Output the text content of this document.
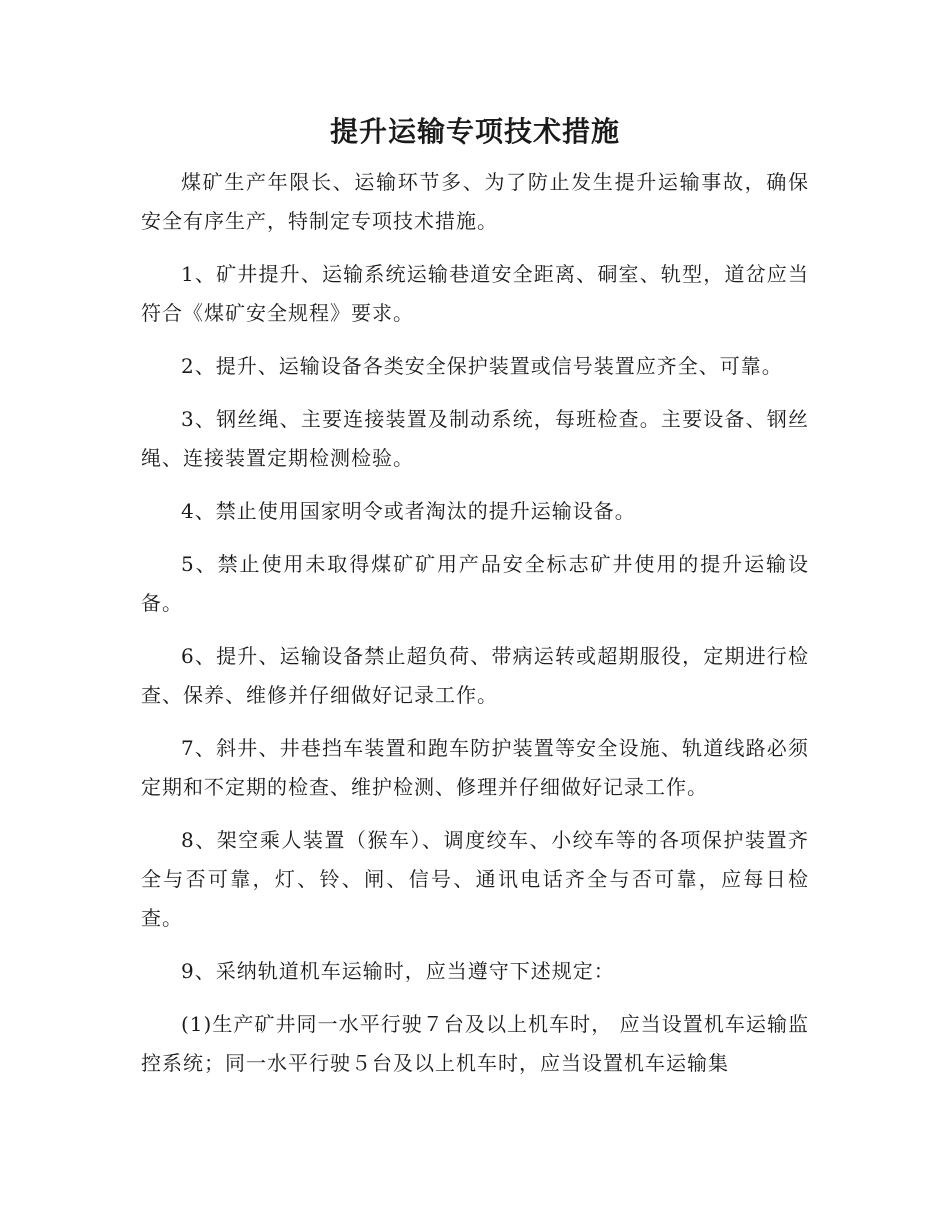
提升运输专项技术措施

煤矿生产年限长、运输环节多、为了防止发生提升运输事故，确保安全有序生产，特制定专项技术措施。

1、矿井提升、运输系统运输巷道安全距离、硐室、轨型，道岔应当符合《煤矿安全规程》要求。

2、提升、运输设备各类安全保护装置或信号装置应齐全、可靠。

3、钢丝绳、主要连接装置及制动系统，每班检查。主要设备、钢丝绳、连接装置定期检测检验。

4、禁止使用国家明令或者淘汰的提升运输设备。

5、禁止使用未取得煤矿矿用产品安全标志矿井使用的提升运输设备。

6、提升、运输设备禁止超负荷、带病运转或超期服役，定期进行检查、保养、维修并仔细做好记录工作。

7、斜井、井巷挡车装置和跑车防护装置等安全设施、轨道线路必须定期和不定期的检查、维护检测、修理并仔细做好记录工作。

8、架空乘人装置（猴车）、调度绞车、小绞车等的各项保护装置齐全与否可靠，灯、铃、闸、信号、通讯电话齐全与否可靠，应每日检查。

9、采纳轨道机车运输时，应当遵守下述规定：

(1)生产矿井同一水平行驶７台及以上机车时， 应当设置机车运输监控系统；同一水平行驶５台及以上机车时，应当设置机车运输集
